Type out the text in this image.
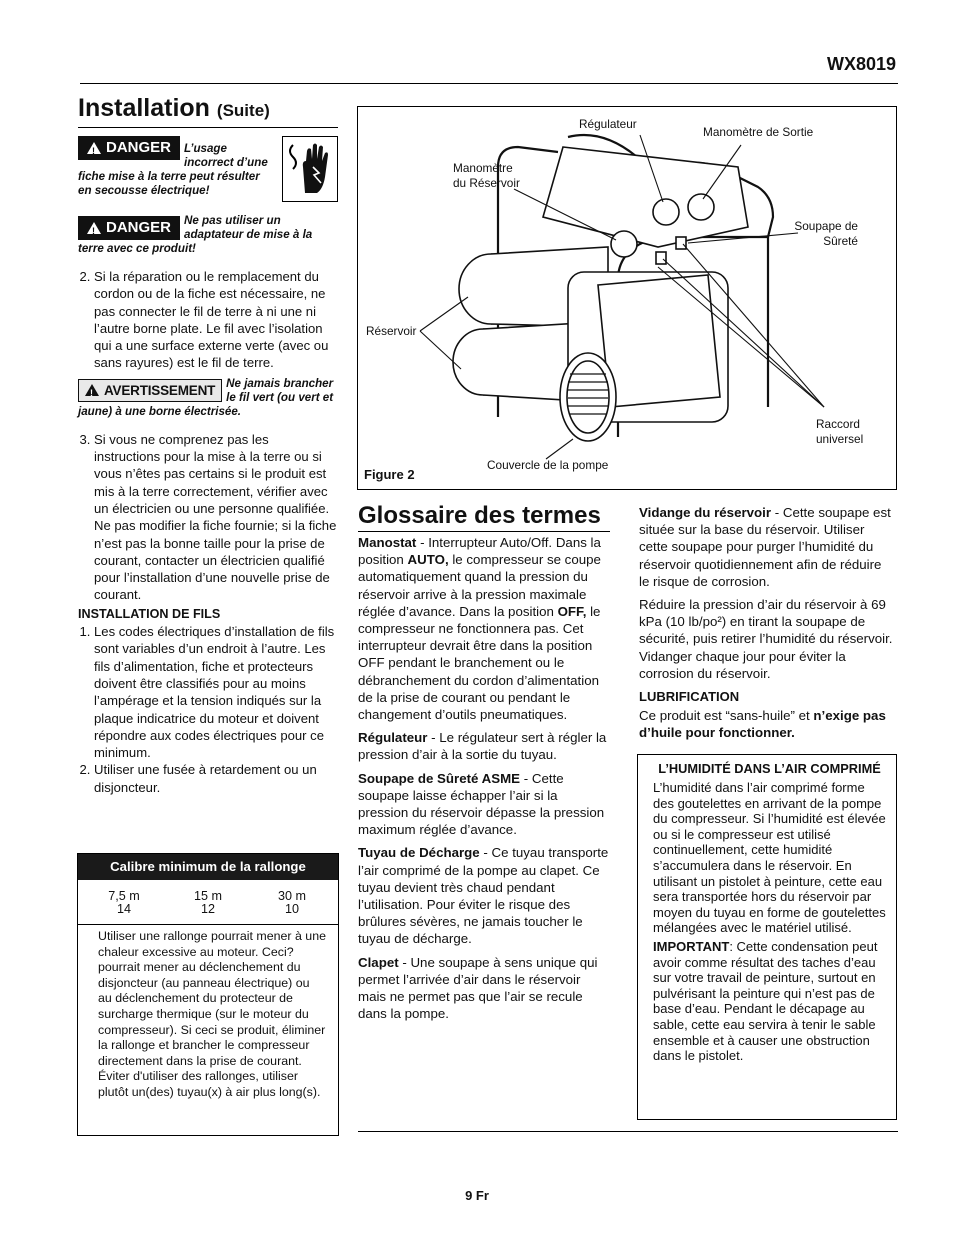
WX8019
Installation (Suite)
!
DANGER	L’usage incorrect d’une fiche mise à la terre peut résulter en secousse électrique!
!
DANGER	Ne pas utiliser un adaptateur de mise à la terre avec ce produit!
2. Si la réparation ou le remplacement du cordon ou de la fiche est nécessaire, ne pas connecter le fil de terre à ni une ni l’autre borne plate. Le fil avec l’isolation qui a une surface externe verte (avec ou sans rayures) est le fil de terre.
!
AVERTISSEMENT Ne jamais brancher le fil vert (ou vert et jaune) à une borne électrisée.
3. Si vous ne comprenez pas les instructions pour la mise à la terre ou si vous n’êtes pas certains si le produit est mis à la terre correctement, vérifier avec un électricien ou une personne qualifiée. Ne pas modifier la fiche fournie; si la fiche n’est pas la bonne taille pour la prise de courant, contacter un électricien qualifié pour l’installation d’une nouvelle prise de courant.
INSTALLATION DE FILS
1. Les codes électriques d’installation de fils sont variables d’un endroit à l’autre. Les fils d’alimentation, fiche et protecteurs doivent être classifiés pour au moins l’ampérage et la tension indiqués sur la plaque indicatrice du moteur et doivent répondre aux codes électriques pour ce minimum.
2. Utiliser une fusée à retardement ou un disjoncteur.
Calibre minimum de la rallonge
7,5 m
14
15 m
12
30 m
10
Utiliser une rallonge pourrait mener à une chaleur excessive au moteur. Ceci?pourrait mener au déclenchement du disjoncteur (au panneau électrique) ou au déclenchement du protecteur de surcharge thermique (sur le moteur du compresseur). Si ceci se produit, éliminer la rallonge et brancher le compresseur directement dans la prise de courant. Éviter d'utiliser des rallonges, utiliser plutôt un(des) tuyau(x) à air plus long(s).
Régulateur
Manomètre de Sortie
Manomètre
du Réservoir
Soupape de
Sûreté
Réservoir
Raccord
universel
Couvercle de la pompe
Figure 2
Glossaire des termes

Manostat - Interrupteur Auto/Off. Dans la position AUTO, le compresseur se coupe automatiquement quand la pression du réservoir arrive à la pression maximale réglée d’avance. Dans la position OFF, le compresseur ne fonctionnera pas. Cet interrupteur devrait être dans la position OFF pendant le branchement ou le débranchement du cordon d’alimentation de la prise de courant ou pendant le changement d’outils pneumatiques.

Régulateur - Le régulateur sert à régler la pression d’air à la sortie du tuyau.

Soupape de Sûreté ASME - Cette soupape laisse échapper l’air si la pression du réservoir dépasse la pression maximum réglée d’avance.

Tuyau de Décharge - Ce tuyau transporte l’air comprimé de la pompe au clapet. Ce tuyau devient très chaud pendant l’utilisation. Pour éviter le risque des brûlures sévères, ne jamais toucher le tuyau de décharge.

Clapet - Une soupape à sens unique qui permet l’arrivée d’air dans le réservoir mais ne permet pas que l’air se recule dans la pompe.

Vidange du réservoir - Cette soupape est située sur la base du réservoir. Utiliser cette soupape pour purger l’humidité du réservoir quotidiennement afin de réduire le risque de corrosion.

Réduire la pression d’air du réservoir à 69 kPa (10 lb/po²) en tirant la soupape de sécurité, puis retirer l’humidité du réservoir. Vidanger chaque jour pour éviter la corrosion du réservoir.

LUBRIFICATION

Ce produit est “sans-huile” et n’exige pas d’huile pour fonctionner.

L’HUMIDITÉ DANS L’AIR COMPRIMÉ

L’humidité dans l’air comprimé forme des goutelettes en arrivant de la pompe du compresseur. Si l’humidité est élevée ou si le compresseur est utilisé continuellement, cette humidité s’accumulera dans le réservoir. En utilisant un pistolet à peinture, cette eau sera transportée hors du réservoir par moyen du tuyau en forme de goutelettes mélangées avec le matériel utilisé.

IMPORTANT: Cette condensation peut avoir comme résultat des taches d’eau sur votre travail de peinture, surtout en pulvérisant la peinture qui n’est pas de base d’eau. Pendant le décapage au sable, cette eau servira à tenir le sable ensemble et à causer une obstruction dans le pistolet.

9 Fr
